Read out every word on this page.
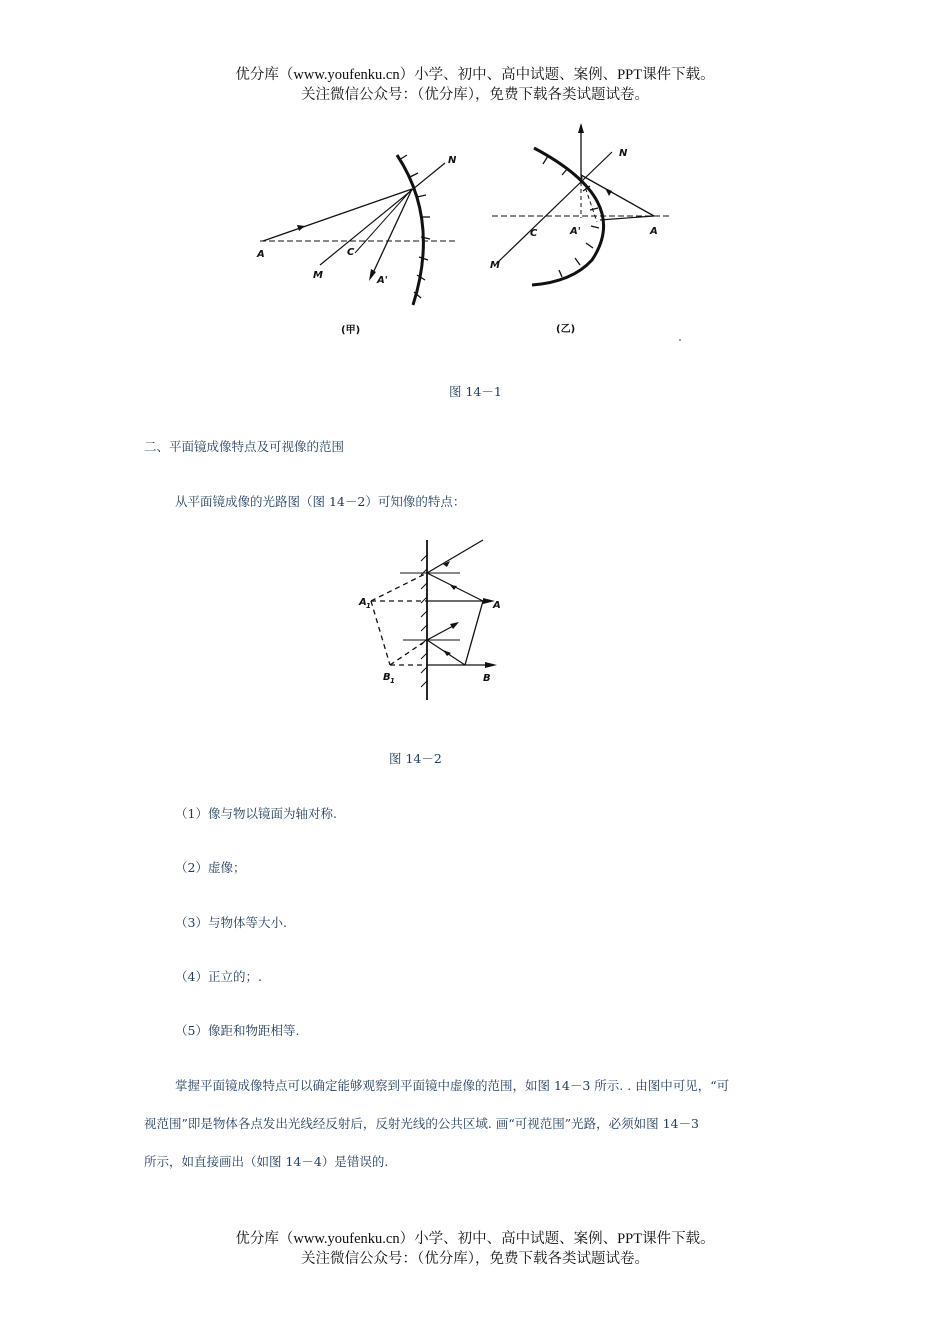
优分库（www.youfenku.cn）小学、初中、高中试题、案例、PPT课件下载。
关注微信公众号：（优分库），免费下载各类试题试卷。
A	C
M	A'
N
(甲)
C	A'	A
M
N
(乙)
图 14－1
二、平面镜成像特点及可视像的范围
从平面镜成像的光路图（图 14－2）可知像的特点：
A 1	A
B 1	B
图 14－2
（1）像与物以镜面为轴对称.
（2）虚像；
（3）与物体等大小.
（4）正立的；.
（5）像距和物距相等.
掌握平面镜成像特点可以确定能够观察到平面镜中虚像的范围，如图 14－3 所示. . 由图中可见，“可
视范围”即是物体各点发出光线经反射后，反射光线的公共区域. 画“可视范围”光路，必须如图 14－3
所示，如直接画出（如图 14－4）是错误的.
优分库（www.youfenku.cn）小学、初中、高中试题、案例、PPT课件下载。
关注微信公众号：（优分库），免费下载各类试题试卷。
